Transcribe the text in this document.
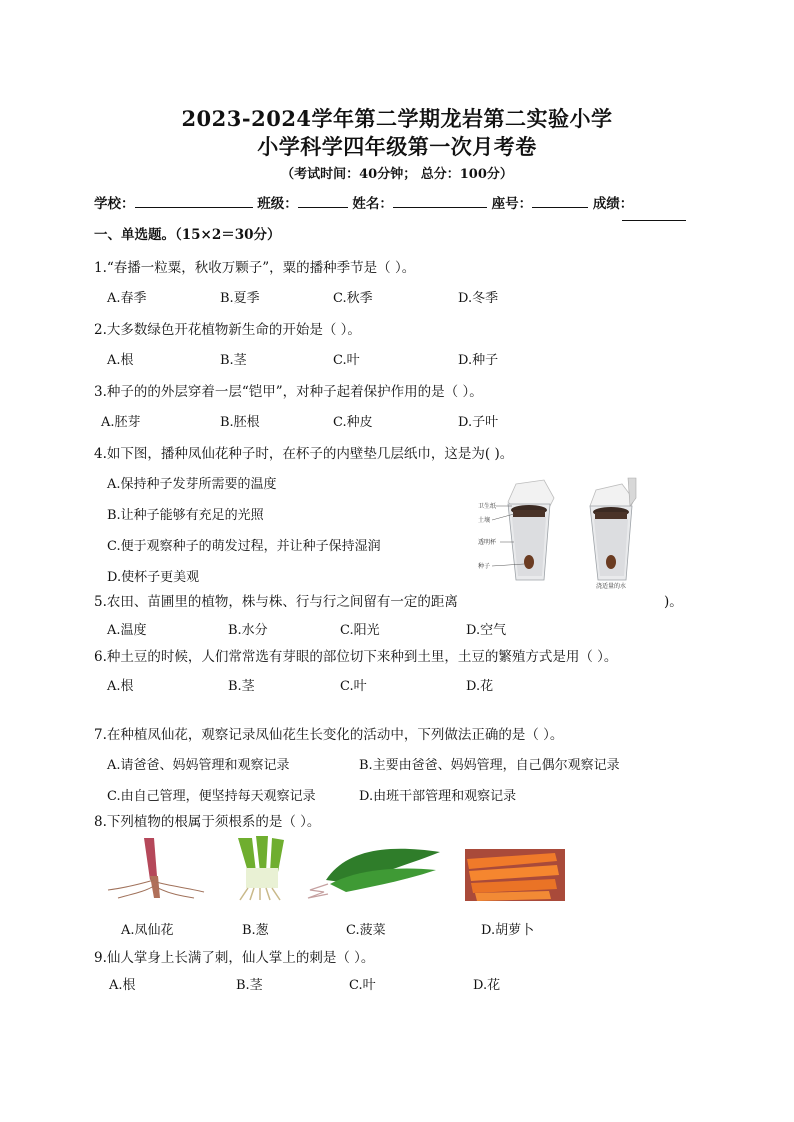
2023-2024学年第二学期龙岩第二实验小学
小学科学四年级第一次月考卷
（考试时间：40分钟； 总分：100分）
学校：	班级：	姓名：	座号：	成绩：
一、单选题。（15×2＝30分）
1.“春播一粒粟，秋收万颗子”，粟的播种季节是（ ）。
A.春季	B.夏季	C.秋季	D.冬季
2.大多数绿色开花植物新生命的开始是（ ）。
A.根	B.茎	C.叶	D.种子
3.种子的的外层穿着一层“铠甲”，对种子起着保护作用的是（ ）。
A.胚芽	B.胚根	C.种皮	D.子叶
4.如下图，播种凤仙花种子时，在杯子的内壁垫几层纸巾，这是为( )。
A.保持种子发芽所需要的温度
B.让种子能够有充足的光照
C.便于观察种子的萌发过程，并让种子保持湿润
D.使杯子更美观
卫生纸
土壤
透明杯
种子
浇适量的水
5.农田、苗圃里的植物，株与株、行与行之间留有一定的距离	)。
A.温度	B.水分	C.阳光	D.空气
6.种土豆的时候，人们常常选有芽眼的部位切下来种到土里，土豆的繁殖方式是用（ ）。
A.根	B.茎	C.叶	D.花
7.在种植凤仙花，观察记录凤仙花生长变化的活动中，下列做法正确的是（ ）。
A.请爸爸、妈妈管理和观察记录	B.主要由爸爸、妈妈管理，自己偶尔观察记录
C.由自己管理，便坚持每天观察记录	D.由班干部管理和观察记录
8.下列植物的根属于须根系的是（ ）。
A.凤仙花	B.葱	C.菠菜	D.胡萝卜
9.仙人掌身上长满了刺，仙人掌上的刺是（ ）。
A.根	B.茎	C.叶	D.花
